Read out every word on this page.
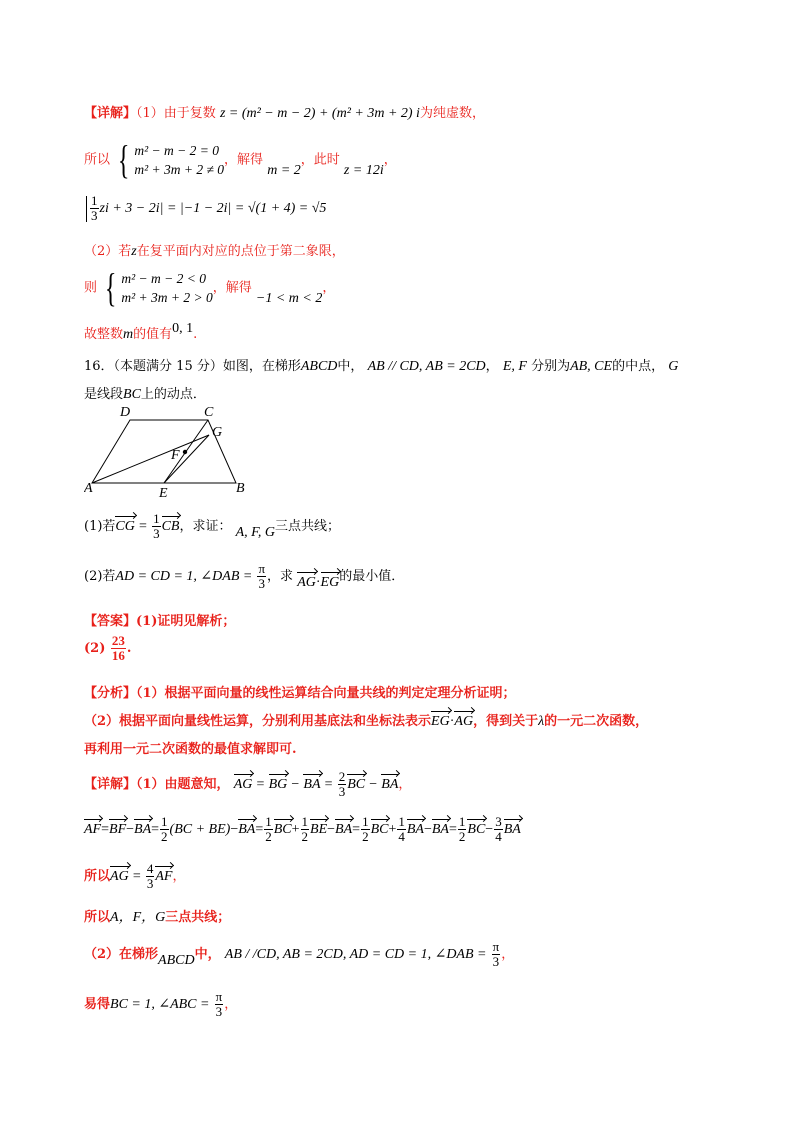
【详解】（1）由于复数 z = (m² − m − 2) + (m² + 3m + 2) i为纯虚数，
所以 { m² − m − 2 = 0
m² + 3m + 2 ≠ 0
，解得 m = 2，此时 z = 12i，
$\frac{1}{3}$ zi + 3 − 2i| = |−1 − 2i| = √(1 + 4) = √5
（2）若z在复平面内对应的点位于第二象限，
则 { m² − m − 2 < 0
m² + 3m + 2 > 0
，解得 −1 < m < 2，
故整数m的值有0, 1.
16．（本题满分 15 分）如图，在梯形ABCD中， AB // CD, AB = 2CD， E, F 分别为AB, CE的中点， G
是线段BC上的动点．
D	C
G
F
A	E	B
(1)若CG = $\frac{1}{3}$ CB，求证： A, F, G三点共线；
(2)若AD = CD = 1, ∠DAB = $\frac{\pi}{3}$ ，求 AG·EG的最小值．
【答案】(1)证明见解析；
$(2) \frac{23}{16}$ .
【分析】（1）根据平面向量的线性运算结合向量共线的判定定理分析证明；
（2）根据平面向量线性运算，分别利用基底法和坐标法表示EG·AG，得到关于λ的一元二次函数，
再利用一元二次函数的最值求解即可.
【详解】（1）由题意知， AG = BG − BA = $\frac{2}{3}$ BC − BA，
$AF=BF-BA= \frac{1}{2} (BC + BE)-BA= \frac{1}{2} BC+ \frac{1}{2} BE-BA= \frac{1}{2} BC+ \frac{1}{4} BA-BA= \frac{1}{2} BC- \frac{3}{4}$ BA
所以AG = $\frac{4}{3}$ AF，
所以A，F，G三点共线；
（2）在梯形ABCD中， AB / /CD, AB = 2CD, AD = CD = 1, ∠DAB = $\frac{\pi}{3}$ ，
易得BC = 1, ∠ABC = $\frac{\pi}{3}$ ，
